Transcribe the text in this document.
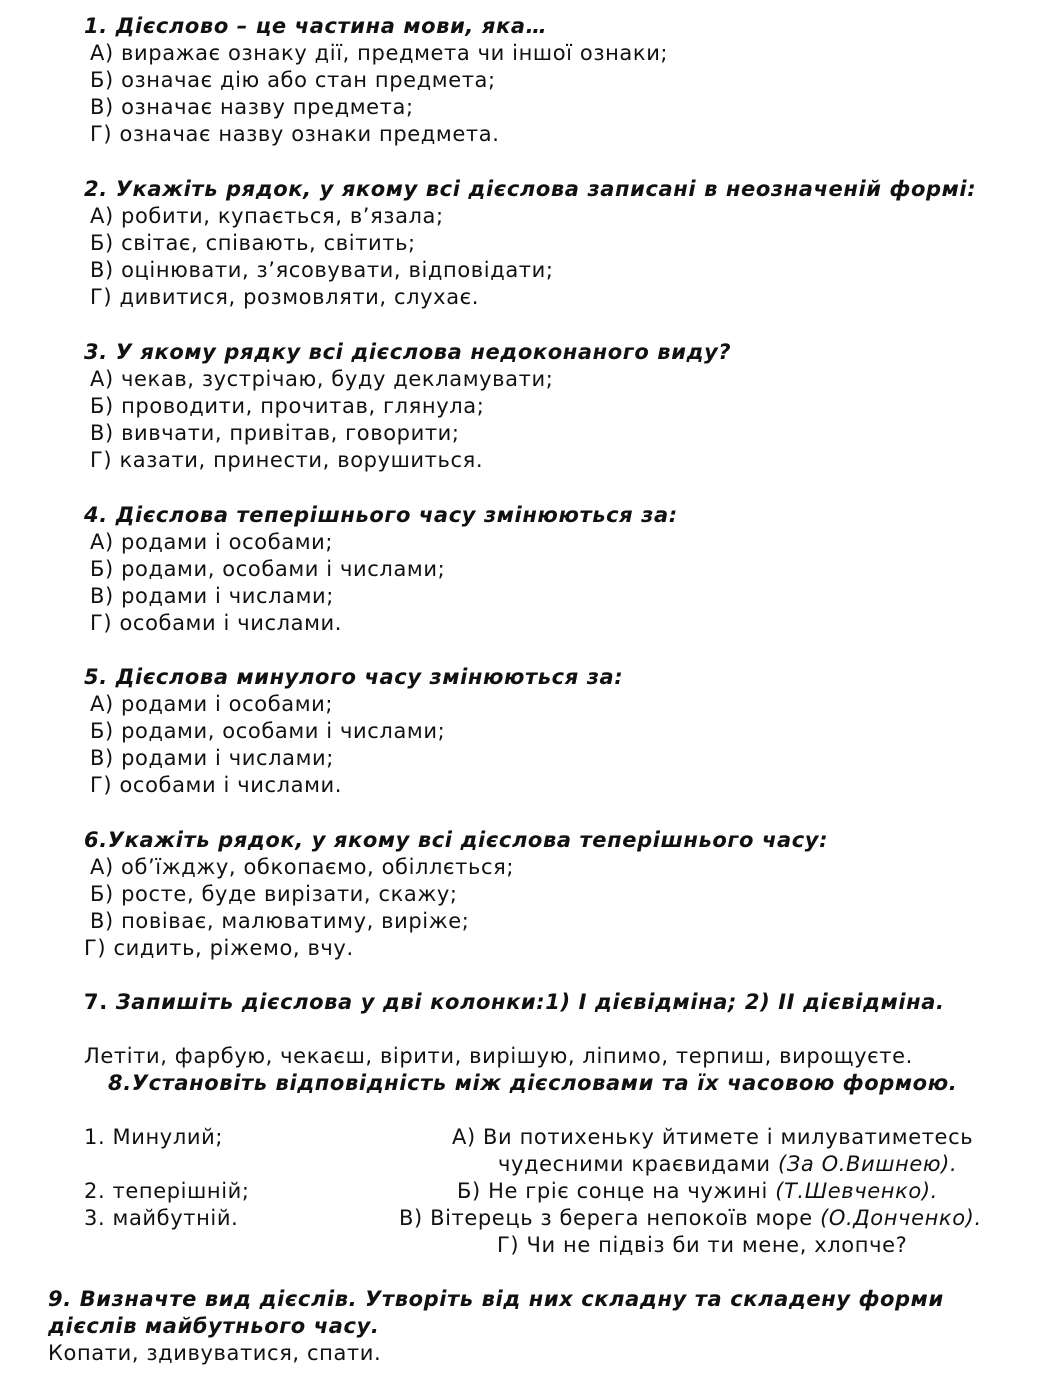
1. Дієслово – це частина мови, яка…
А) виражає ознаку дії, предмета чи іншої ознаки;
Б) означає дію або стан предмета;
В) означає назву предмета;
Г) означає назву ознаки предмета.
2. Укажіть рядок, у якому всі дієслова записані в неозначеній формі:
А) робити, купається, в’язала;
Б) світає, співають, світить;
В) оцінювати, з’ясовувати, відповідати;
Г) дивитися, розмовляти, слухає.
3. У якому рядку всі дієслова недоконаного виду?
А) чекав, зустрічаю, буду декламувати;
Б) проводити, прочитав, глянула;
В) вивчати, привітав, говорити;
Г) казати, принести, ворушиться.
4. Дієслова теперішнього часу змінюються за:
А) родами і особами;
Б) родами, особами і числами;
В) родами і числами;
Г) особами і числами.
5. Дієслова минулого часу змінюються за:
А) родами і особами;
Б) родами, особами і числами;
В) родами і числами;
Г) особами і числами.
6.Укажіть рядок, у якому всі дієслова теперішнього часу:
А) об’їжджу, обкопаємо, обіллється;
Б) росте, буде вирізати, скажу;
В) повіває, малюватиму, виріже;
Г) сидить, ріжемо, вчу.
7. Запишіть дієслова у дві колонки:1) І дієвідміна; 2) ІІ дієвідміна.
Летіти, фарбую, чекаєш, вірити, вирішую, ліпимо, терпиш, вирощуєте.
8.Установіть відповідність між дієсловами та їх часовою формою.
1. Минулий;
2. теперішній;
3. майбутній.
А) Ви потихеньку йтимете і милуватиметесь
чудесними краєвидами (За О.Вишнею).
Б) Не гріє сонце на чужині (Т.Шевченко).
В) Вітерець з берега непокоїв море (О.Донченко).
Г) Чи не підвіз би ти мене, хлопче?
9. Визначте вид дієслів. Утворіть від них складну та складену форми
дієслів майбутнього часу.
Копати, здивуватися, спати.
